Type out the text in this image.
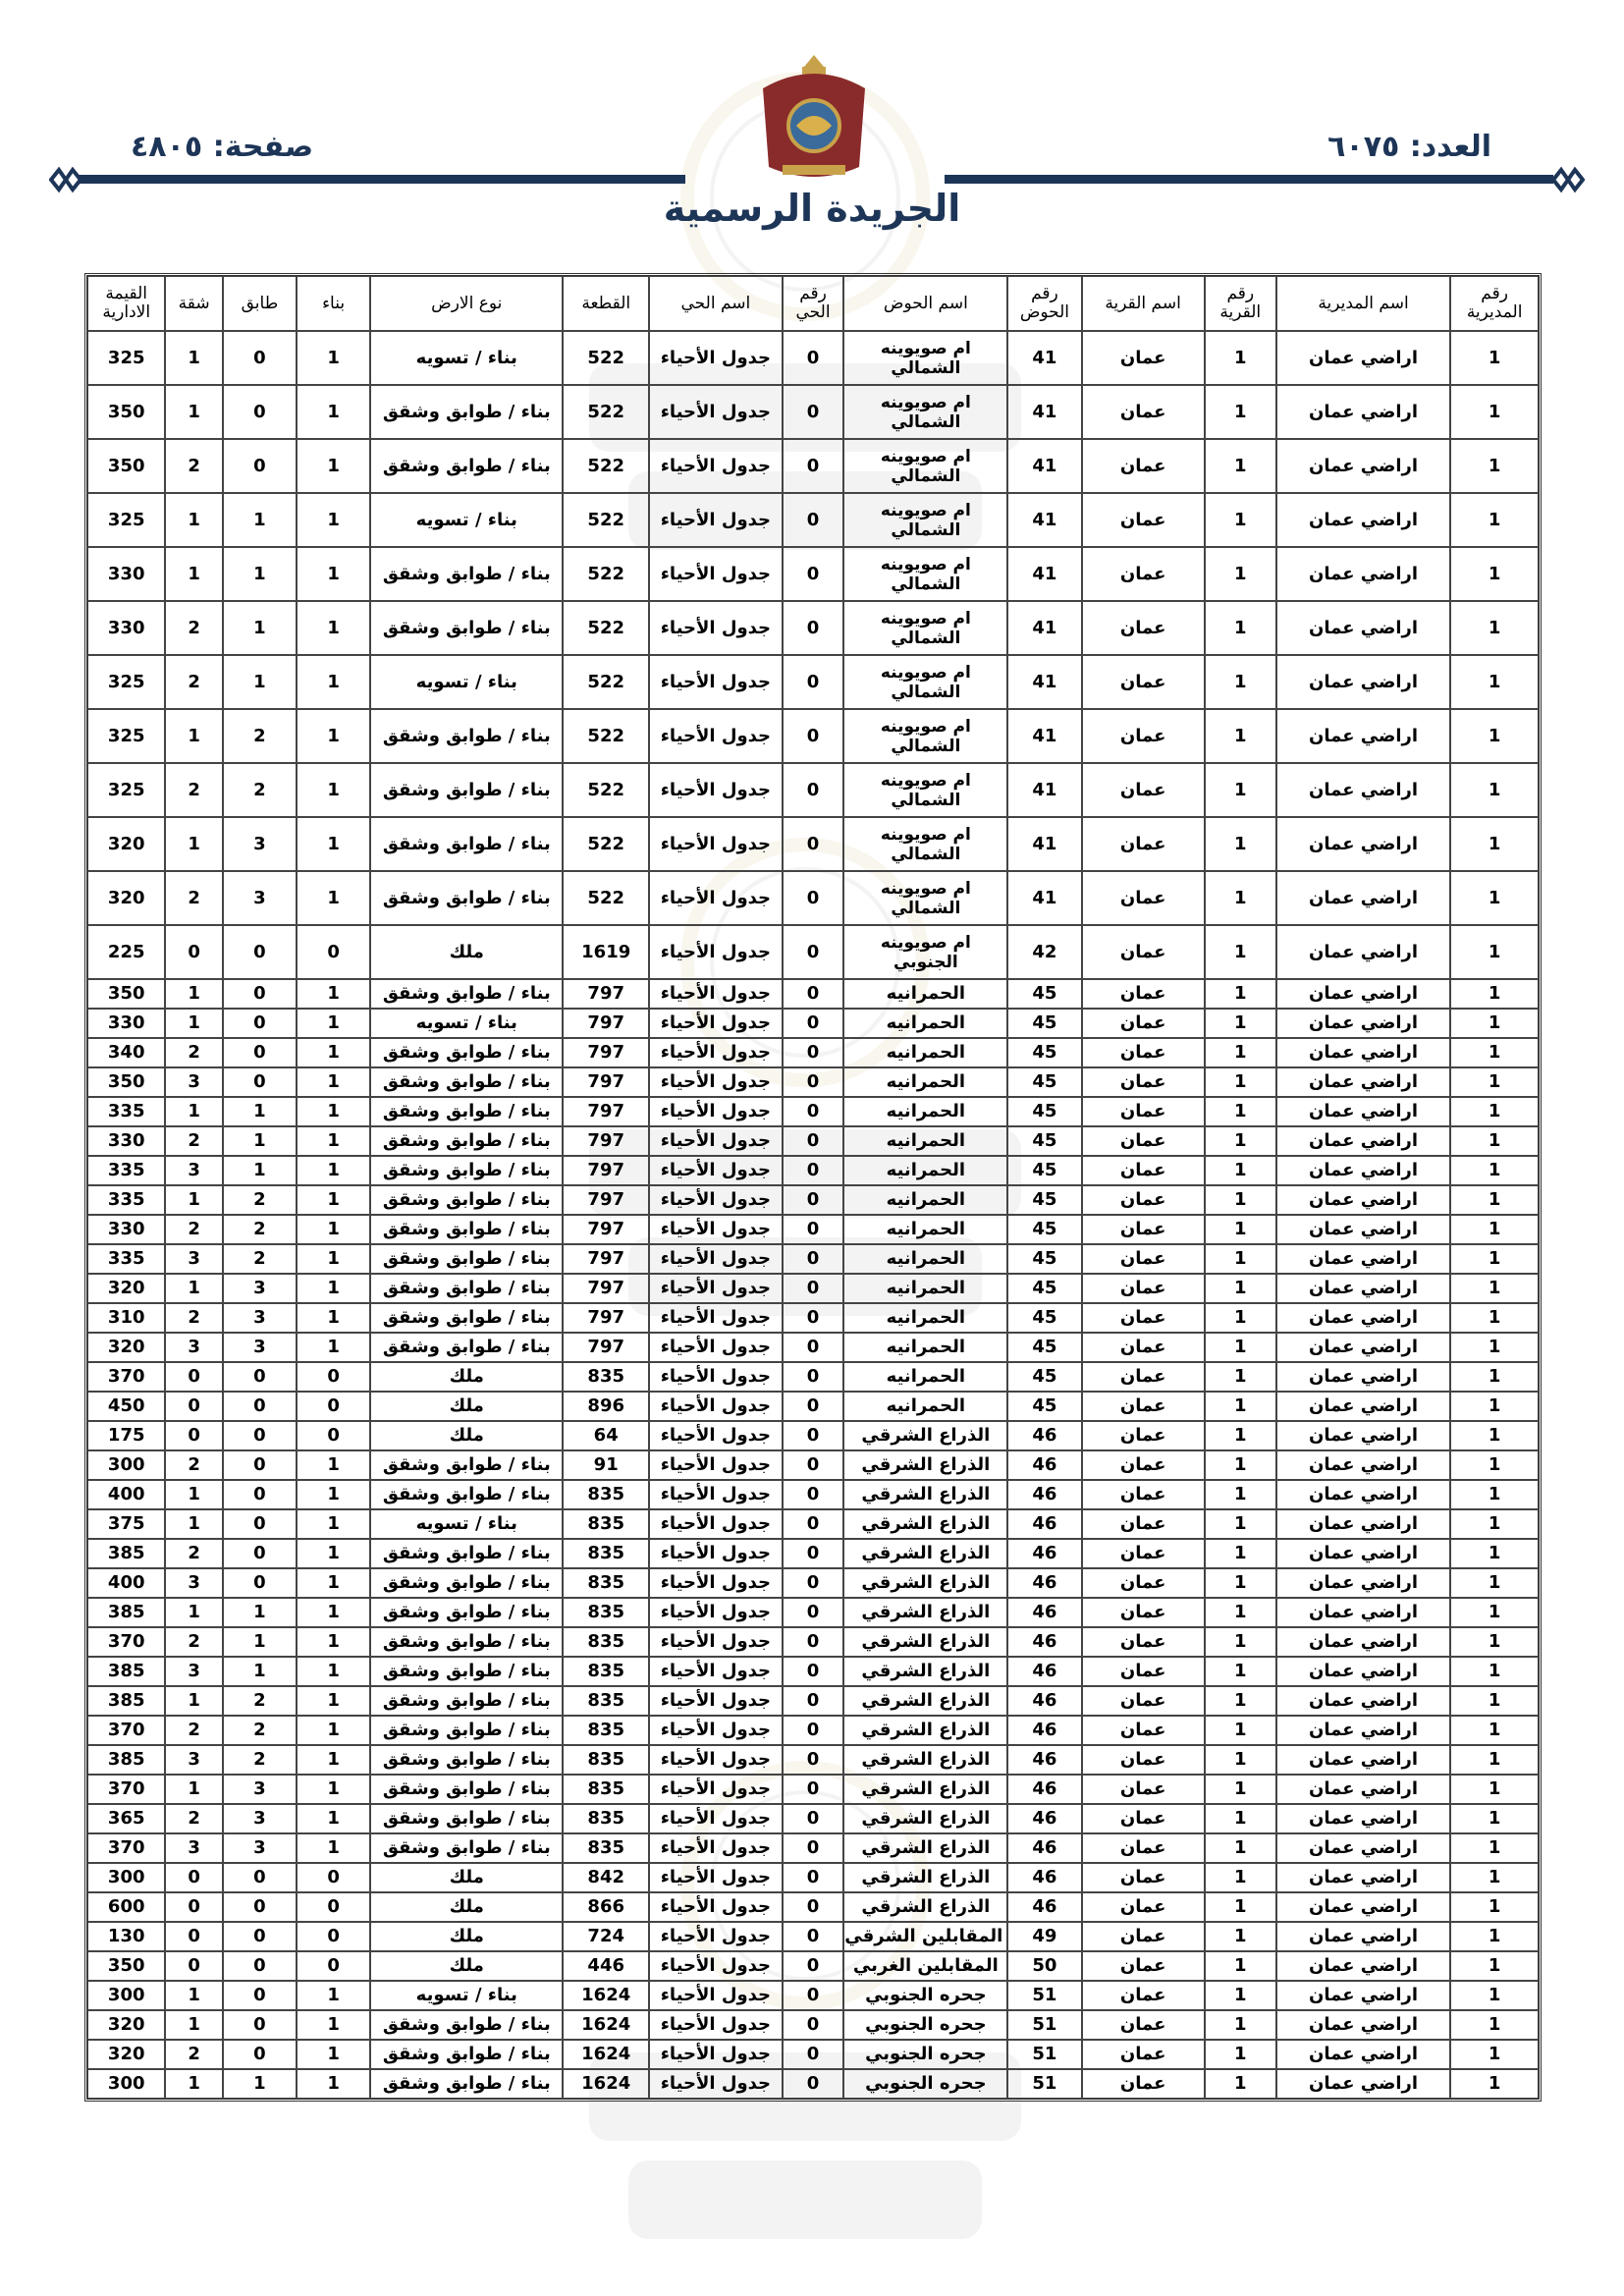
العدد: ٦٠٧٥
صفحة: ٤٨٠٥
الجريدة الرسمية
رقم المديرية	اسم المديرية	رقم القرية	اسم القرية	رقم الحوض	اسم الحوض	رقم الحي	اسم الحي	القطعة	نوع الارض	بناء	طابق	شقة	القيمة الادارية
1	اراضي عمان	1	عمان	41	ام صويوينه الشمالي	0	جدول الأحياء	522	بناء / تسويه	1	0	1	325
1	اراضي عمان	1	عمان	41	ام صويوينه الشمالي	0	جدول الأحياء	522	بناء / طوابق وشقق	1	0	1	350
1	اراضي عمان	1	عمان	41	ام صويوينه الشمالي	0	جدول الأحياء	522	بناء / طوابق وشقق	1	0	2	350
1	اراضي عمان	1	عمان	41	ام صويوينه الشمالي	0	جدول الأحياء	522	بناء / تسويه	1	1	1	325
1	اراضي عمان	1	عمان	41	ام صويوينه الشمالي	0	جدول الأحياء	522	بناء / طوابق وشقق	1	1	1	330
1	اراضي عمان	1	عمان	41	ام صويوينه الشمالي	0	جدول الأحياء	522	بناء / طوابق وشقق	1	1	2	330
1	اراضي عمان	1	عمان	41	ام صويوينه الشمالي	0	جدول الأحياء	522	بناء / تسويه	1	1	2	325
1	اراضي عمان	1	عمان	41	ام صويوينه الشمالي	0	جدول الأحياء	522	بناء / طوابق وشقق	1	2	1	325
1	اراضي عمان	1	عمان	41	ام صويوينه الشمالي	0	جدول الأحياء	522	بناء / طوابق وشقق	1	2	2	325
1	اراضي عمان	1	عمان	41	ام صويوينه الشمالي	0	جدول الأحياء	522	بناء / طوابق وشقق	1	3	1	320
1	اراضي عمان	1	عمان	41	ام صويوينه الشمالي	0	جدول الأحياء	522	بناء / طوابق وشقق	1	3	2	320
1	اراضي عمان	1	عمان	42	ام صويوينه الجنوبي	0	جدول الأحياء	1619	ملك	0	0	0	225
1	اراضي عمان	1	عمان	45	الحمرانيه	0	جدول الأحياء	797	بناء / طوابق وشقق	1	0	1	350
1	اراضي عمان	1	عمان	45	الحمرانيه	0	جدول الأحياء	797	بناء / تسويه	1	0	1	330
1	اراضي عمان	1	عمان	45	الحمرانيه	0	جدول الأحياء	797	بناء / طوابق وشقق	1	0	2	340
1	اراضي عمان	1	عمان	45	الحمرانيه	0	جدول الأحياء	797	بناء / طوابق وشقق	1	0	3	350
1	اراضي عمان	1	عمان	45	الحمرانيه	0	جدول الأحياء	797	بناء / طوابق وشقق	1	1	1	335
1	اراضي عمان	1	عمان	45	الحمرانيه	0	جدول الأحياء	797	بناء / طوابق وشقق	1	1	2	330
1	اراضي عمان	1	عمان	45	الحمرانيه	0	جدول الأحياء	797	بناء / طوابق وشقق	1	1	3	335
1	اراضي عمان	1	عمان	45	الحمرانيه	0	جدول الأحياء	797	بناء / طوابق وشقق	1	2	1	335
1	اراضي عمان	1	عمان	45	الحمرانيه	0	جدول الأحياء	797	بناء / طوابق وشقق	1	2	2	330
1	اراضي عمان	1	عمان	45	الحمرانيه	0	جدول الأحياء	797	بناء / طوابق وشقق	1	2	3	335
1	اراضي عمان	1	عمان	45	الحمرانيه	0	جدول الأحياء	797	بناء / طوابق وشقق	1	3	1	320
1	اراضي عمان	1	عمان	45	الحمرانيه	0	جدول الأحياء	797	بناء / طوابق وشقق	1	3	2	310
1	اراضي عمان	1	عمان	45	الحمرانيه	0	جدول الأحياء	797	بناء / طوابق وشقق	1	3	3	320
1	اراضي عمان	1	عمان	45	الحمرانيه	0	جدول الأحياء	835	ملك	0	0	0	370
1	اراضي عمان	1	عمان	45	الحمرانيه	0	جدول الأحياء	896	ملك	0	0	0	450
1	اراضي عمان	1	عمان	46	الذراع الشرقي	0	جدول الأحياء	64	ملك	0	0	0	175
1	اراضي عمان	1	عمان	46	الذراع الشرقي	0	جدول الأحياء	91	بناء / طوابق وشقق	1	0	2	300
1	اراضي عمان	1	عمان	46	الذراع الشرقي	0	جدول الأحياء	835	بناء / طوابق وشقق	1	0	1	400
1	اراضي عمان	1	عمان	46	الذراع الشرقي	0	جدول الأحياء	835	بناء / تسويه	1	0	1	375
1	اراضي عمان	1	عمان	46	الذراع الشرقي	0	جدول الأحياء	835	بناء / طوابق وشقق	1	0	2	385
1	اراضي عمان	1	عمان	46	الذراع الشرقي	0	جدول الأحياء	835	بناء / طوابق وشقق	1	0	3	400
1	اراضي عمان	1	عمان	46	الذراع الشرقي	0	جدول الأحياء	835	بناء / طوابق وشقق	1	1	1	385
1	اراضي عمان	1	عمان	46	الذراع الشرقي	0	جدول الأحياء	835	بناء / طوابق وشقق	1	1	2	370
1	اراضي عمان	1	عمان	46	الذراع الشرقي	0	جدول الأحياء	835	بناء / طوابق وشقق	1	1	3	385
1	اراضي عمان	1	عمان	46	الذراع الشرقي	0	جدول الأحياء	835	بناء / طوابق وشقق	1	2	1	385
1	اراضي عمان	1	عمان	46	الذراع الشرقي	0	جدول الأحياء	835	بناء / طوابق وشقق	1	2	2	370
1	اراضي عمان	1	عمان	46	الذراع الشرقي	0	جدول الأحياء	835	بناء / طوابق وشقق	1	2	3	385
1	اراضي عمان	1	عمان	46	الذراع الشرقي	0	جدول الأحياء	835	بناء / طوابق وشقق	1	3	1	370
1	اراضي عمان	1	عمان	46	الذراع الشرقي	0	جدول الأحياء	835	بناء / طوابق وشقق	1	3	2	365
1	اراضي عمان	1	عمان	46	الذراع الشرقي	0	جدول الأحياء	835	بناء / طوابق وشقق	1	3	3	370
1	اراضي عمان	1	عمان	46	الذراع الشرقي	0	جدول الأحياء	842	ملك	0	0	0	300
1	اراضي عمان	1	عمان	46	الذراع الشرقي	0	جدول الأحياء	866	ملك	0	0	0	600
1	اراضي عمان	1	عمان	49	المقابلين الشرقي	0	جدول الأحياء	724	ملك	0	0	0	130
1	اراضي عمان	1	عمان	50	المقابلين الغربي	0	جدول الأحياء	446	ملك	0	0	0	350
1	اراضي عمان	1	عمان	51	جحره الجنوبي	0	جدول الأحياء	1624	بناء / تسويه	1	0	1	300
1	اراضي عمان	1	عمان	51	جحره الجنوبي	0	جدول الأحياء	1624	بناء / طوابق وشقق	1	0	1	320
1	اراضي عمان	1	عمان	51	جحره الجنوبي	0	جدول الأحياء	1624	بناء / طوابق وشقق	1	0	2	320
1	اراضي عمان	1	عمان	51	جحره الجنوبي	0	جدول الأحياء	1624	بناء / طوابق وشقق	1	1	1	300
